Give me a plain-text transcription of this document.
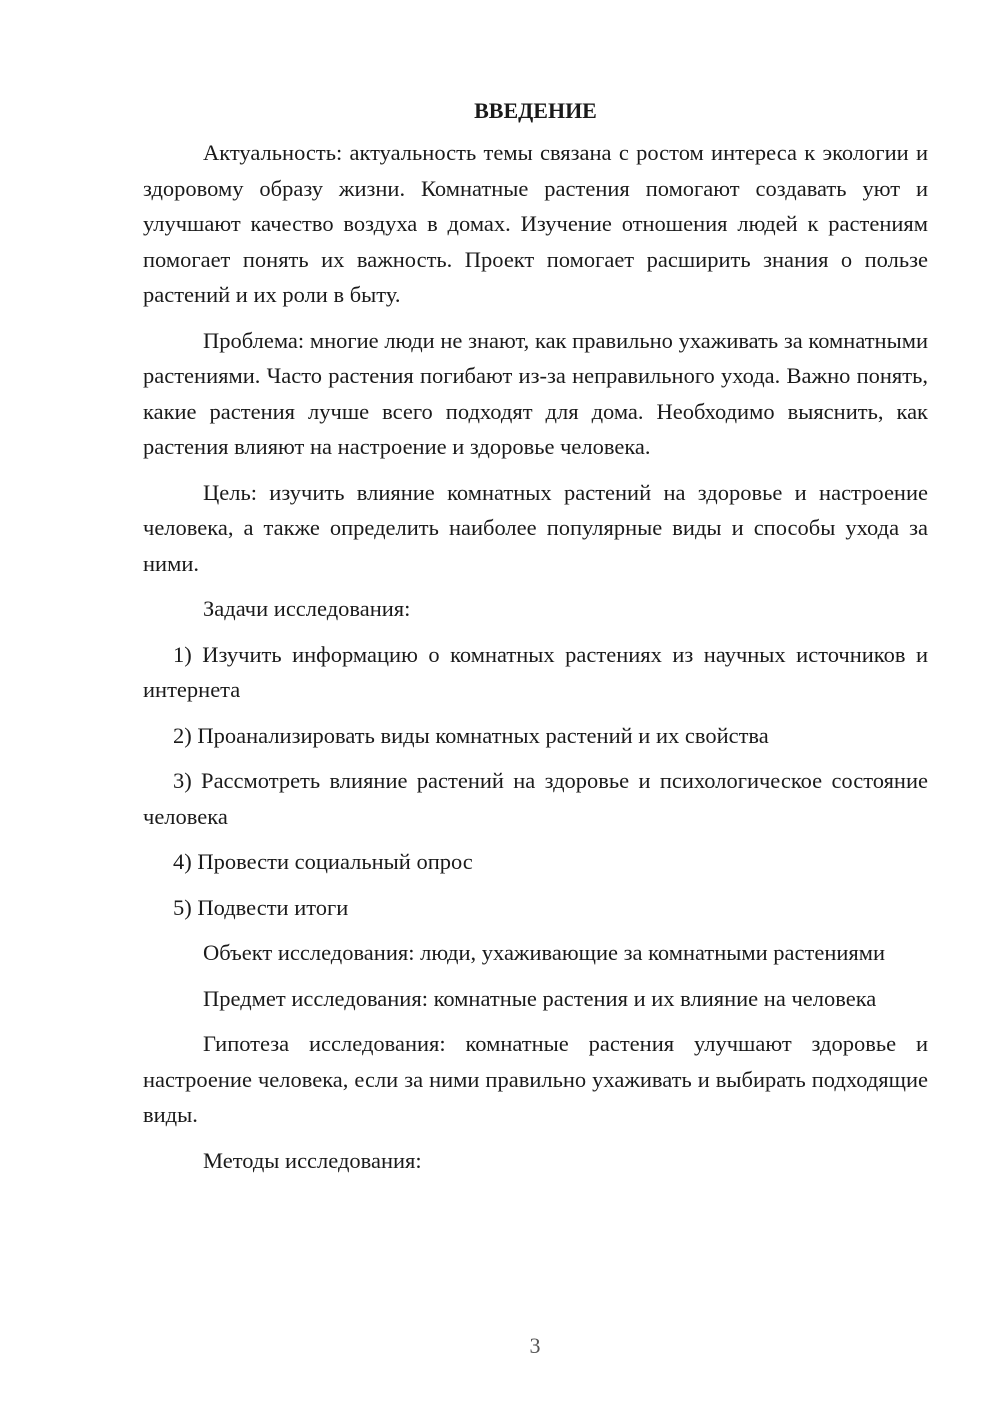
ВВЕДЕНИЕ

Актуальность: актуальность темы связана с ростом интереса к экологии и здоровому образу жизни. Комнатные растения помогают создавать уют и улучшают качество воздуха в домах. Изучение отношения людей к растениям помогает понять их важность. Проект помогает расширить знания о пользе растений и их роли в быту.

Проблема: многие люди не знают, как правильно ухаживать за комнатными растениями. Часто растения погибают из-за неправильного ухода. Важно понять, какие растения лучше всего подходят для дома. Необходимо выяснить, как растения влияют на настроение и здоровье человека.

Цель: изучить влияние комнатных растений на здоровье и настроение человека, а также определить наиболее популярные виды и способы ухода за ними.

Задачи исследования:

1) Изучить информацию о комнатных растениях из научных источников и интернета

2) Проанализировать виды комнатных растений и их свойства

3) Рассмотреть влияние растений на здоровье и психологическое состояние человека

4) Провести социальный опрос

5) Подвести итоги

Объект исследования: люди, ухаживающие за комнатными растениями

Предмет исследования: комнатные растения и их влияние на человека

Гипотеза исследования: комнатные растения улучшают здоровье и настроение человека, если за ними правильно ухаживать и выбирать подходящие виды.

Методы исследования:

3
